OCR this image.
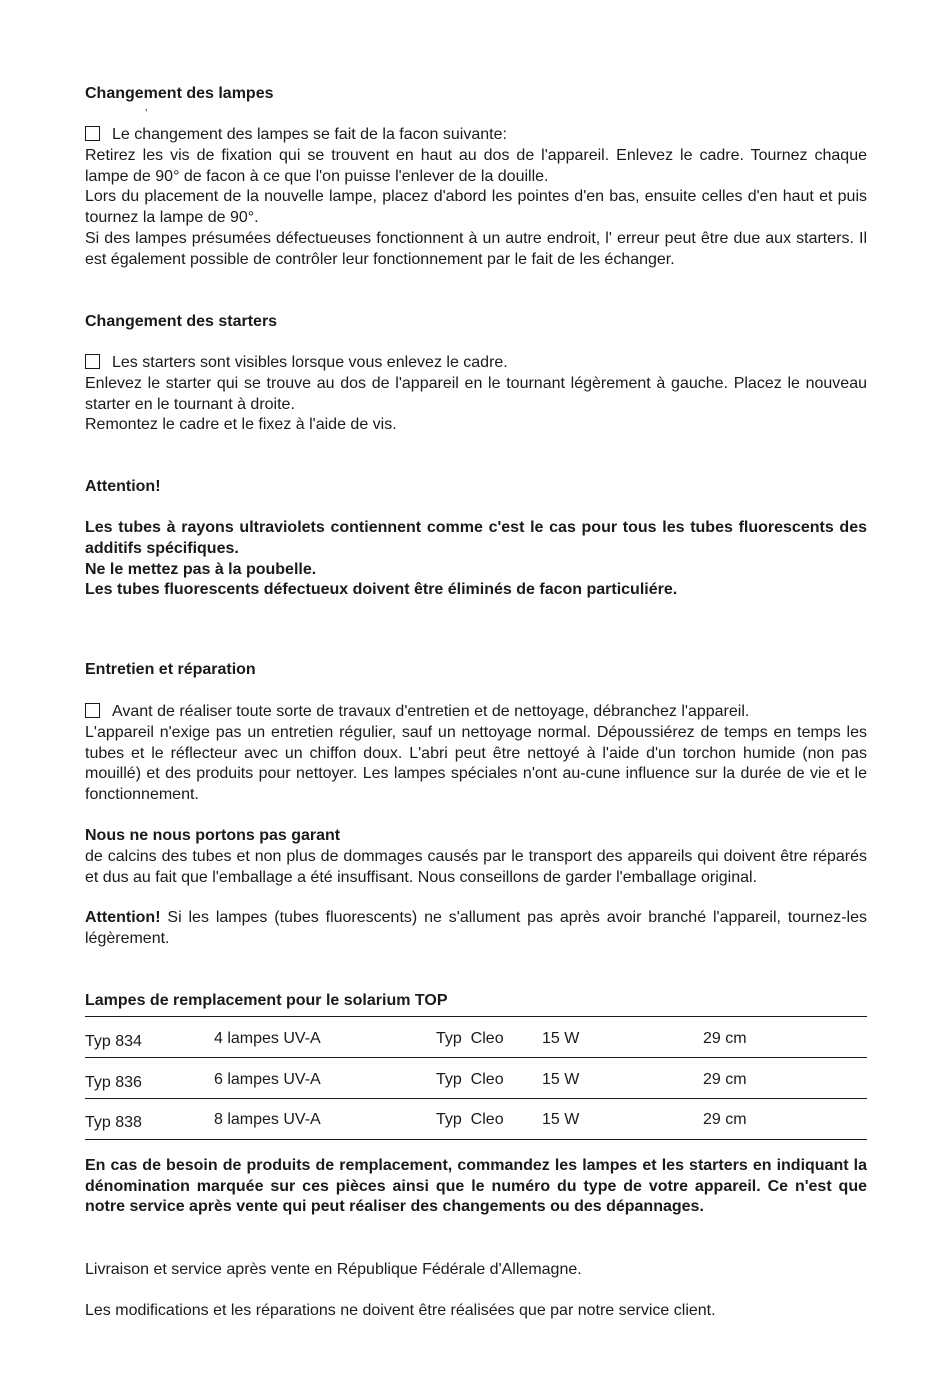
Changement des lampes
ʼ
Le changement des lampes se fait de la facon suivante:
Retirez les vis de fixation qui se trouvent en haut au dos de l'appareil. Enlevez le cadre. Tournez chaque lampe de 90° de facon à ce que l'on puisse l'enlever de la douille.
Lors du placement de la nouvelle lampe, placez d'abord les pointes d'en bas, ensuite celles d'en haut et puis tournez la lampe de 90°.
Si des lampes présumées défectueuses fonctionnent à un autre endroit, l' erreur peut être due aux starters. Il est également possible de contrôler leur fonctionnement par le fait de les échanger.
Changement des starters
Les starters sont visibles lorsque vous enlevez le cadre.
Enlevez le starter qui se trouve au dos de l'appareil en le tournant légèrement à gauche. Placez le nouveau starter en le tournant à droite.
Remontez le cadre et le fixez à l'aide de vis.
Attention!
Les tubes à rayons ultraviolets contiennent comme c'est le cas pour tous les tubes fluorescents des additifs spécifiques.
Ne le mettez pas à la poubelle.
Les tubes fluorescents défectueux doivent être éliminés de facon particuliére.
Entretien et réparation
Avant de réaliser toute sorte de travaux d'entretien et de nettoyage, débranchez l'appareil.
L'appareil n'exige pas un entretien régulier, sauf un nettoyage normal. Dépoussiérez de temps en temps les tubes et le réflecteur avec un chiffon doux. L'abri peut être nettoyé à l'aide d'un torchon humide (non pas mouillé) et des produits pour nettoyer. Les lampes spéciales n'ont au-cune influence sur la durée de vie et le fonctionnement.
Nous ne nous portons pas garant
de calcins des tubes et non plus de dommages causés par le transport des appareils qui doivent être réparés et dus au fait que l'emballage a été insuffisant. Nous conseillons de garder l'emballage original.
Attention! Si les lampes (tubes fluorescents) ne s'allument pas après avoir branché l'appareil, tournez-les légèrement.
Lampes de remplacement pour le solarium TOP
Typ 834	4 lampes UV-A	Typ  Cleo 15 W	29 cm
Typ 836	6 lampes UV-A	Typ  Cleo 15 W	29 cm
Typ 838	8 lampes UV-A	Typ  Cleo 15 W	29 cm
En cas de besoin de produits de remplacement, commandez les lampes et les starters en indiquant la dénomination marquée sur ces pièces ainsi que le numéro du type de votre appareil. Ce n'est que notre service après vente qui peut réaliser des changements ou des dépannages.
Livraison et service après vente en République Fédérale d'Allemagne.
Les modifications et les réparations ne doivent être réalisées que par notre service client.
